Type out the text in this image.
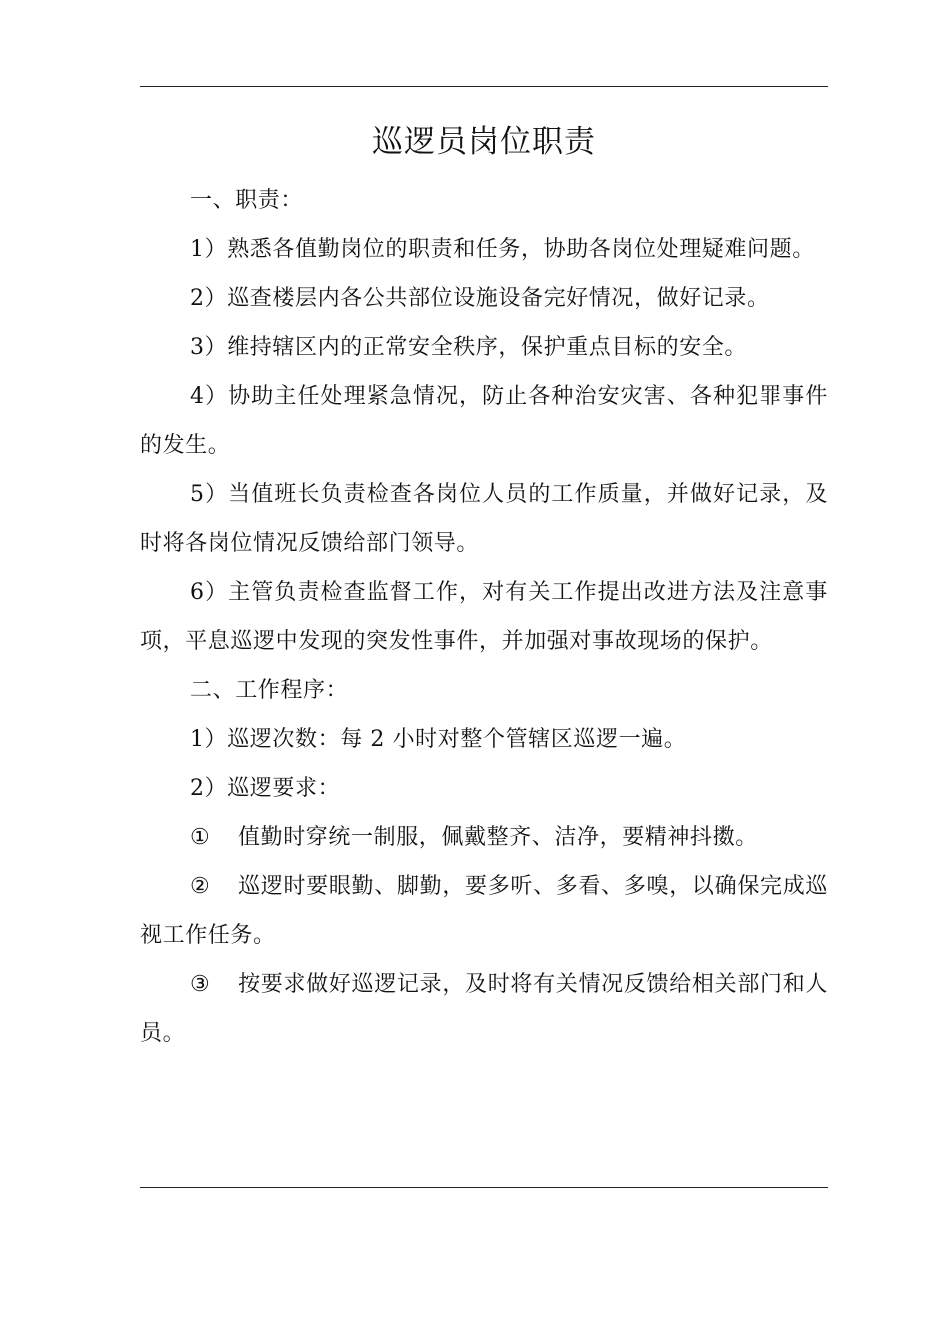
巡逻员岗位职责

一、职责：

1）熟悉各值勤岗位的职责和任务，协助各岗位处理疑难问题。

2）巡查楼层内各公共部位设施设备完好情况，做好记录。

3）维持辖区内的正常安全秩序，保护重点目标的安全。

4）协助主任处理紧急情况，防止各种治安灾害、各种犯罪事件的发生。

5）当值班长负责检查各岗位人员的工作质量，并做好记录，及时将各岗位情况反馈给部门领导。

6）主管负责检查监督工作，对有关工作提出改进方法及注意事项，平息巡逻中发现的突发性事件，并加强对事故现场的保护。

二、工作程序：

1）巡逻次数：每 2 小时对整个管辖区巡逻一遍。

2）巡逻要求：

① 值勤时穿统一制服，佩戴整齐、洁净，要精神抖擞。

② 巡逻时要眼勤、脚勤，要多听、多看、多嗅，以确保完成巡视工作任务。

③ 按要求做好巡逻记录，及时将有关情况反馈给相关部门和人员。
